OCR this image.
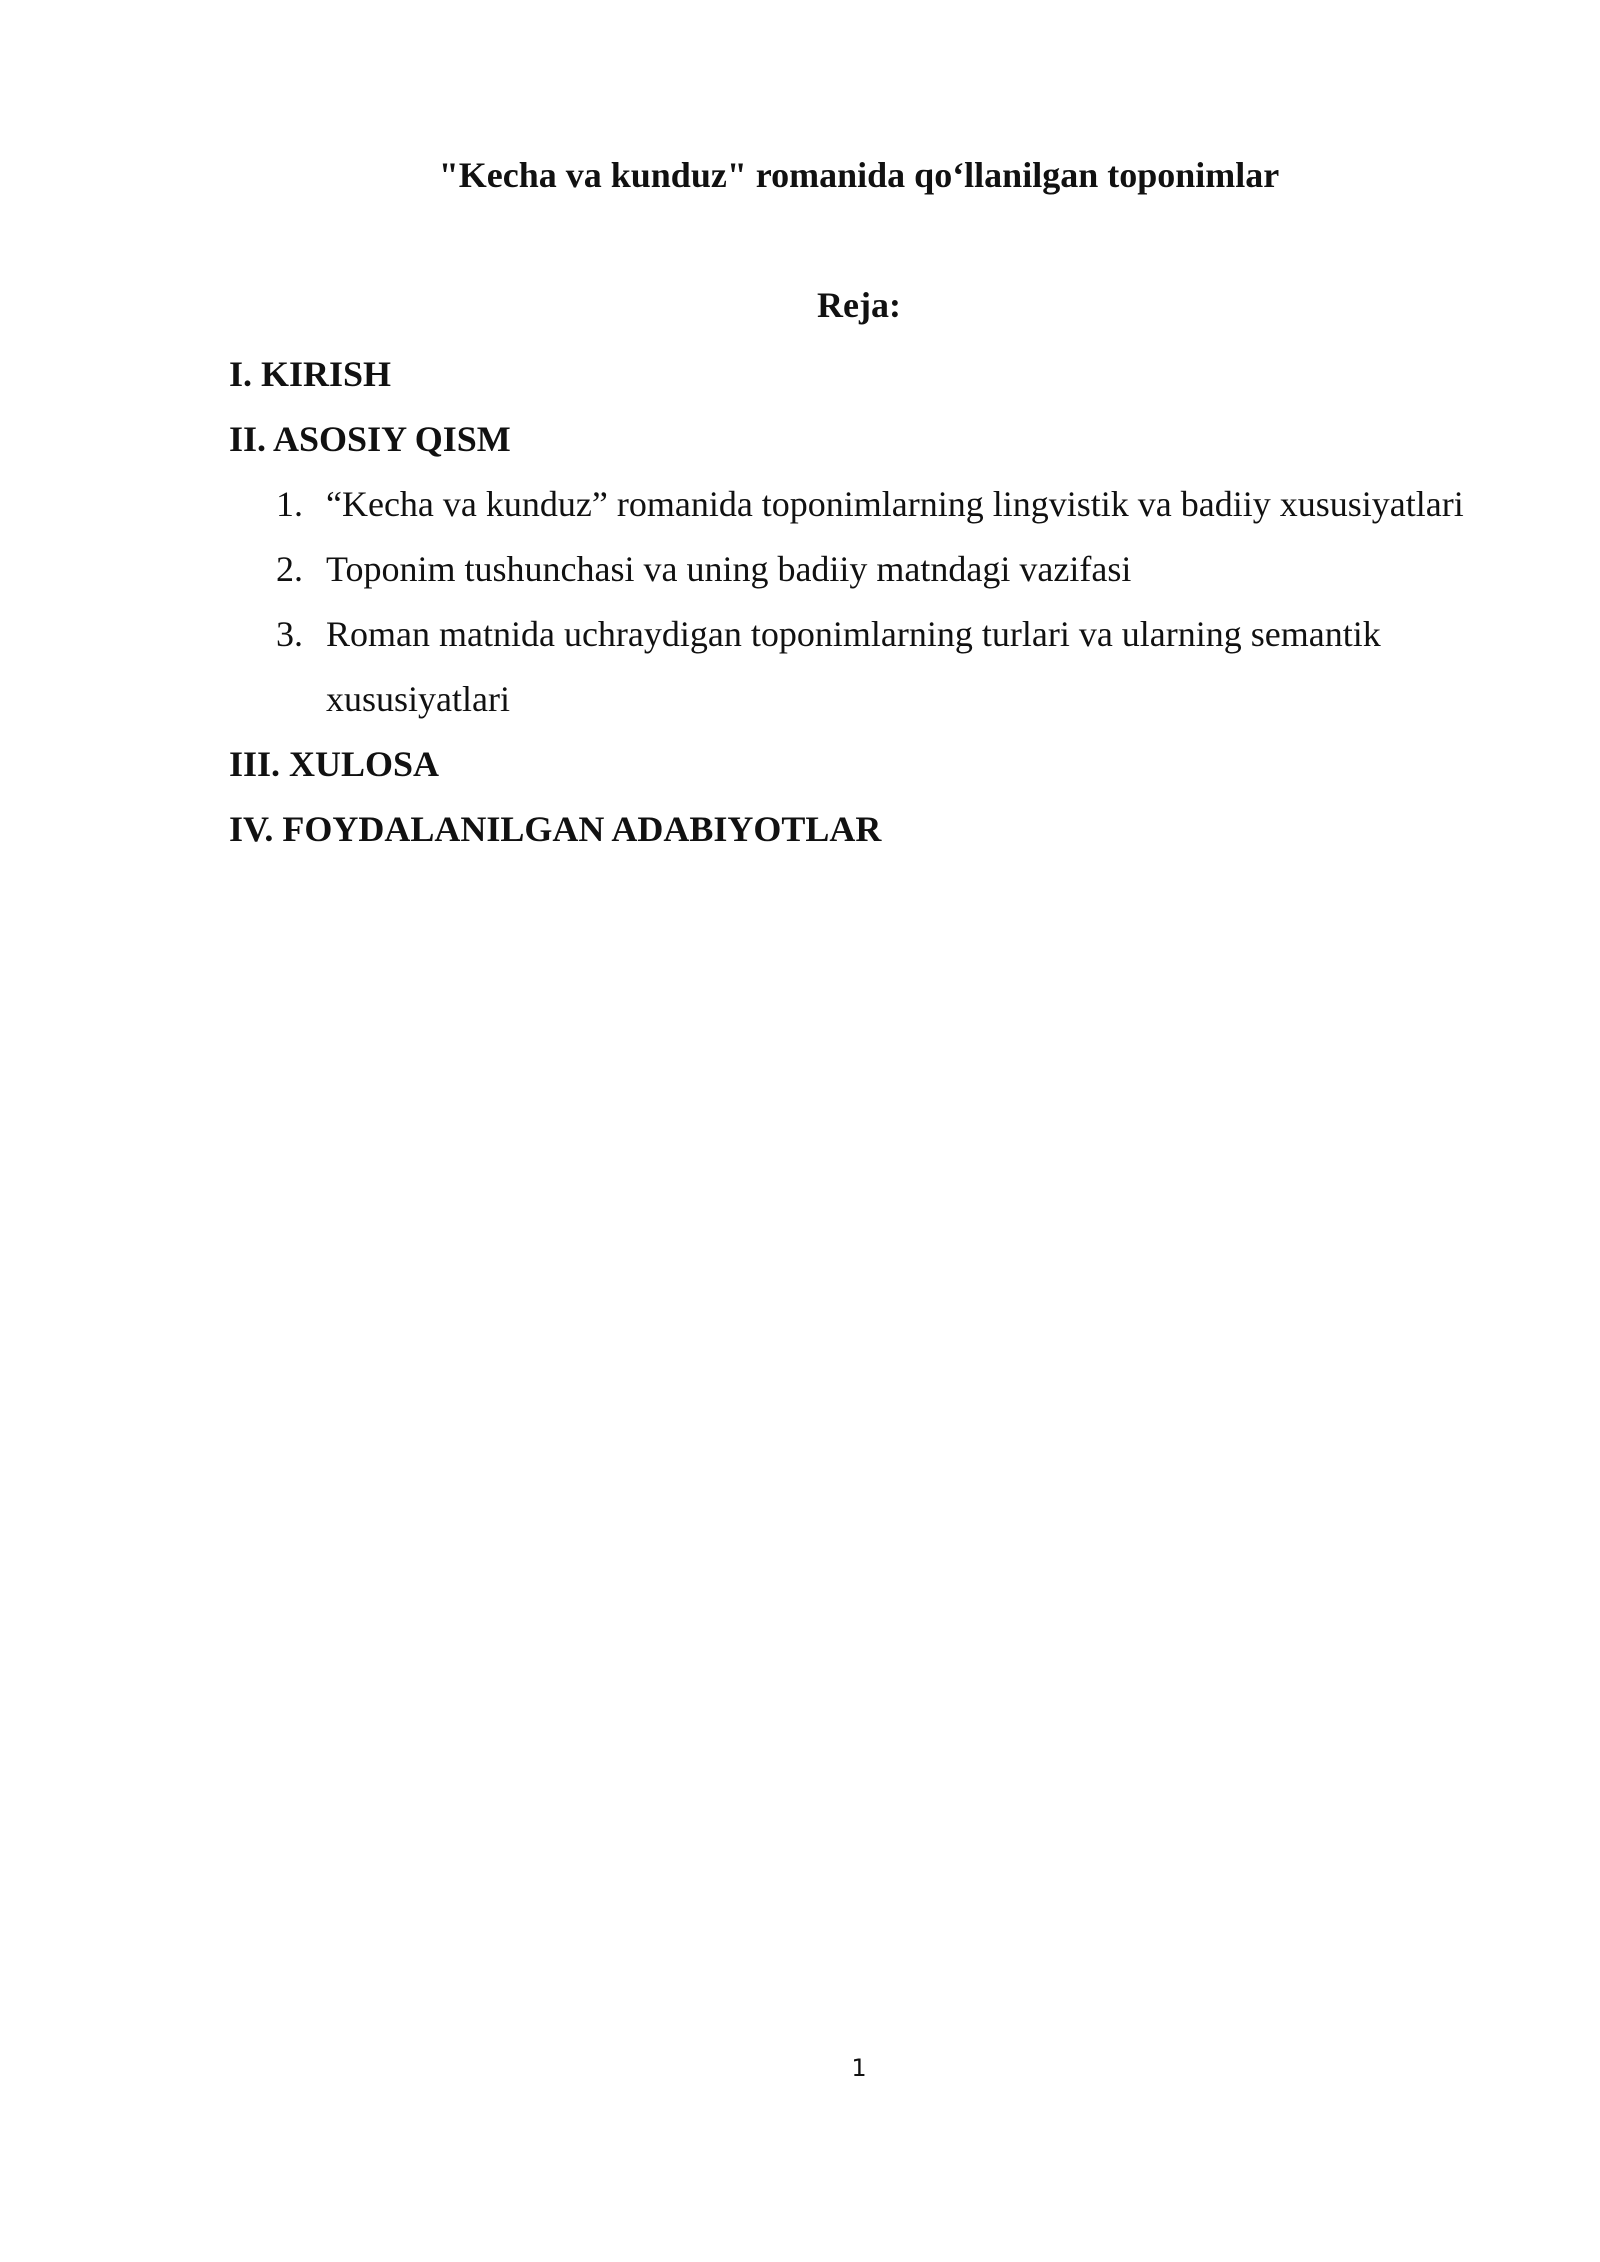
"Kecha va kunduz" romanida qo‘llanilgan toponimlar
Reja:

I. KIRISH

II. ASOSIY QISM

1. “Kecha va kunduz” romanida toponimlarning lingvistik va badiiy xususiyatlari
2. Toponim tushunchasi va uning badiiy matndagi vazifasi
3. Roman matnida uchraydigan toponimlarning turlari va ularning semantik xususiyatlari

III. XULOSA

IV. FOYDALANILGAN ADABIYOTLAR

1
